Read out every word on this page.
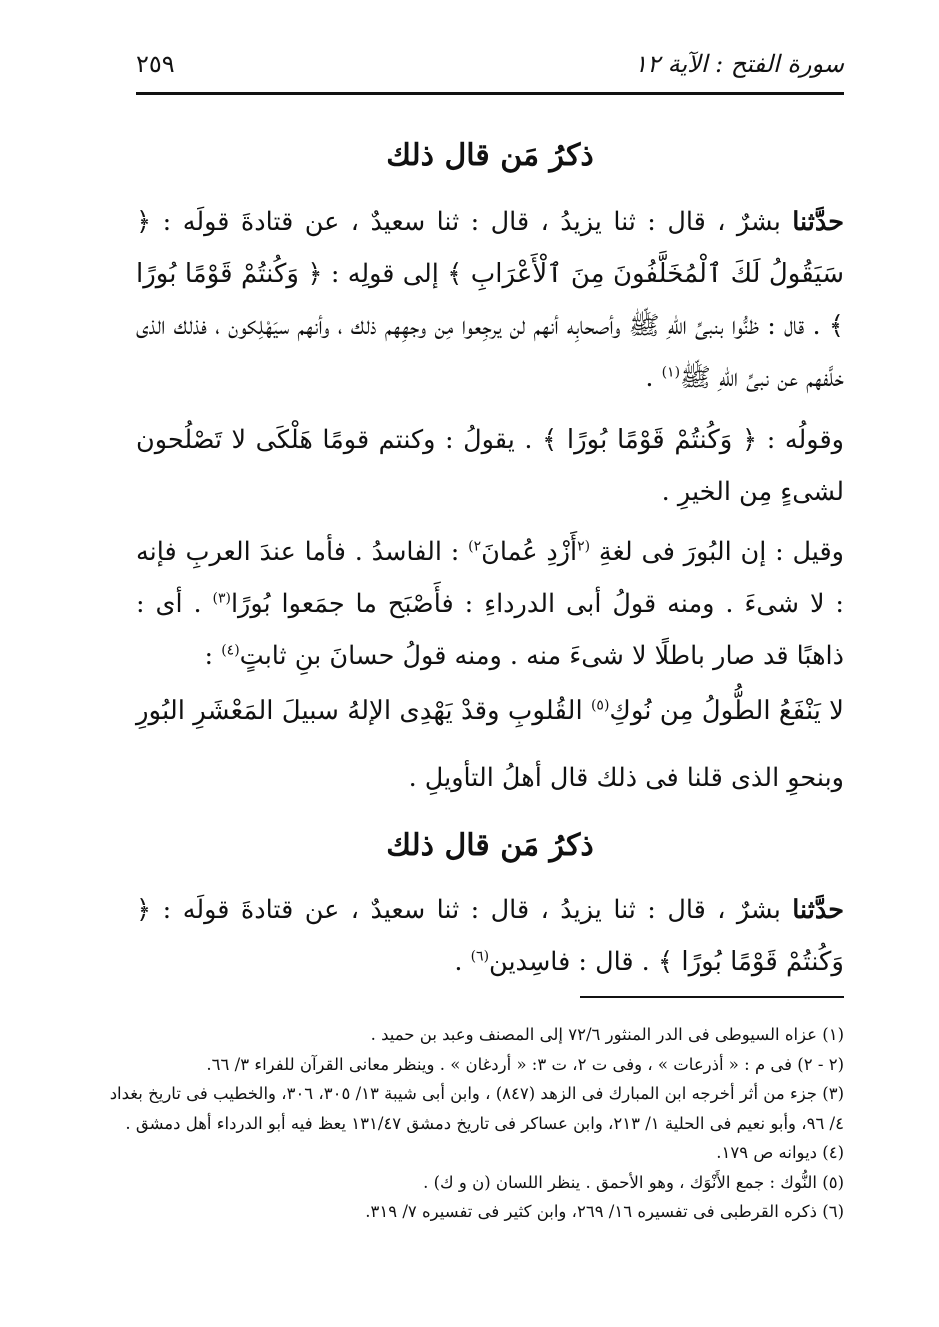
سورة الفتح : الآية ١٢
٢٥٩
ذكرُ مَن قال ذلك

حدَّثنا بشرٌ ، قال : ثنا يزيدُ ، قال : ثنا سعيدٌ ، عن قتادةَ قولَه : ﴿ سَيَقُولُ لَكَ ٱلْمُخَلَّفُونَ مِنَ ٱلْأَعْرَابِ ﴾ إلى قولِه : ﴿ وَكُنتُمْ قَوْمًا بُورًا ﴾ . قال : ظنُّوا بنبىِّ اللهِ ﷺ وأصحابِه أنهم لن يرجِعوا مِن وجهِهم ذلك ، وأنهم سيَهْلِكون ، فذلك الذى خلَّفهم عن نبىِّ اللهِ ﷺ$^{(١)}$ .

وقولُه : ﴿ وَكُنتُمْ قَوْمًا بُورًا ﴾ . يقولُ : وكنتم قومًا هَلْكَى لا تَصْلُحون لشىءٍ مِن الخيرِ .

وقيل : إن البُورَ فى لغةِ $^{(٢}$أَزْدِ عُمانَ$^{٢)}$ : الفاسدُ . فأما عندَ العربِ فإنه : لا شىءَ . ومنه قولُ أبى الدرداءِ : فأَصْبَح ما جمَعوا بُورًا$^{(٣)}$ . أى : ذاهبًا قد صار باطلًا لا شىءَ منه . ومنه قولُ حسانَ بنِ ثابتٍ$^{(٤)}$ :

لا يَنْفَعُ الطُّولُ مِن نُوكِ$^{(٥)}$ القُلوبِ وقدْ
يَهْدِى الإلهُ سبيلَ المَعْشَرِ البُورِ

وبنحوِ الذى قلنا فى ذلك قال أهلُ التأويلِ .

ذكرُ مَن قال ذلك

حدَّثنا بشرٌ ، قال : ثنا يزيدُ ، قال : ثنا سعيدٌ ، عن قتادةَ قولَه : ﴿ وَكُنتُمْ قَوْمًا بُورًا ﴾ . قال : فاسِدين$^{(٦)}$ .

(١) عزاه السيوطى فى الدر المنثور ٧٢/٦ إلى المصنف وعبد بن حميد .
(٢ - ٢) فى م : « أذرعات » ، وفى ت ٢، ت ٣: « أردغان » . وينظر معانى القرآن للفراء ٣/ ٦٦.
(٣) جزء من أثر أخرجه ابن المبارك فى الزهد (٨٤٧) ، وابن أبى شيبة ١٣/ ٣٠٥، ٣٠٦، والخطيب فى تاريخ بغداد
٤/ ٩٦، وأبو نعيم فى الحلية ١/ ٢١٣، وابن عساكر فى تاريخ دمشق ١٣١/٤٧ يعظ فيه أبو الدرداء أهل دمشق .
(٤) ديوانه ص ١٧٩.
(٥) النُّوك : جمع الأَنْوَك ، وهو الأحمق . ينظر اللسان (ن و ك) .
(٦) ذكره القرطبى فى تفسيره ١٦/ ٢٦٩، وابن كثير فى تفسيره ٧/ ٣١٩.
